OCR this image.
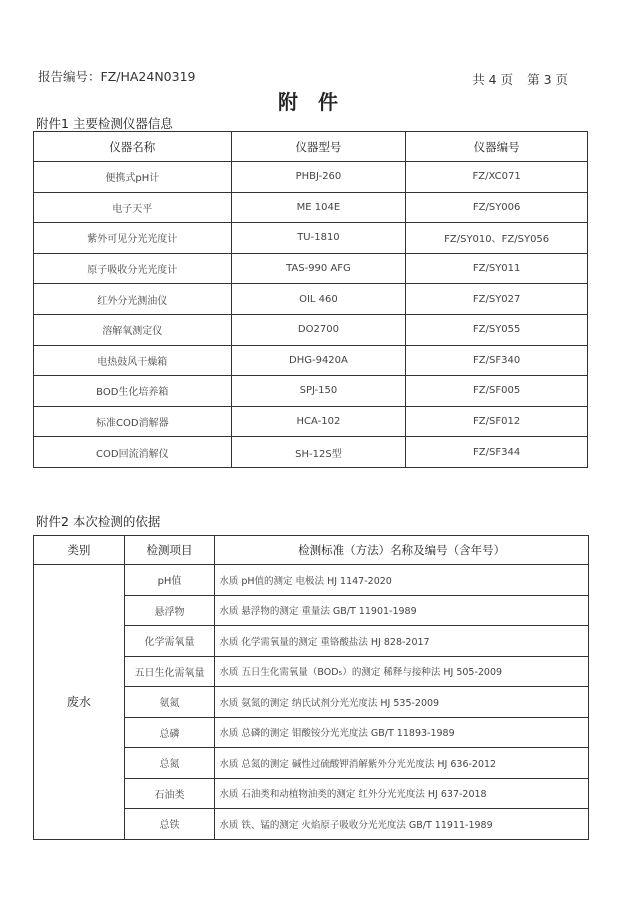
报告编号：FZ/HA24N0319	共 4 页 第 3 页
附件
附件1 主要检测仪器信息
仪器名称	仪器型号	仪器编号
便携式pH计	PHBJ-260	FZ/XC071
电子天平	ME 104E	FZ/SY006
紫外可见分光光度计	TU-1810	FZ/SY010、FZ/SY056
原子吸收分光光度计	TAS-990 AFG	FZ/SY011
红外分光测油仪	OIL 460	FZ/SY027
溶解氧测定仪	DO2700	FZ/SY055
电热鼓风干燥箱	DHG-9420A	FZ/SF340
BOD生化培养箱	SPJ-150	FZ/SF005
标准COD消解器	HCA-102	FZ/SF012
COD回流消解仪	SH-12S型	FZ/SF344
附件2 本次检测的依据
类别	检测项目	检测标准（方法）名称及编号（含年号）
废水	pH值	水质 pH值的测定 电极法 HJ 1147-2020
	悬浮物	水质 悬浮物的测定 重量法 GB/T 11901-1989
	化学需氧量	水质 化学需氧量的测定 重铬酸盐法 HJ 828-2017
	五日生化需氧量	水质 五日生化需氧量（BOD₅）的测定 稀释与接种法 HJ 505-2009
	氨氮	水质 氨氮的测定 纳氏试剂分光光度法 HJ 535-2009
	总磷	水质 总磷的测定 钼酸铵分光光度法 GB/T 11893-1989
	总氮	水质 总氮的测定 碱性过硫酸钾消解紫外分光光度法 HJ 636-2012
	石油类	水质 石油类和动植物油类的测定 红外分光光度法 HJ 637-2018
	总铁	水质 铁、锰的测定 火焰原子吸收分光光度法 GB/T 11911-1989
